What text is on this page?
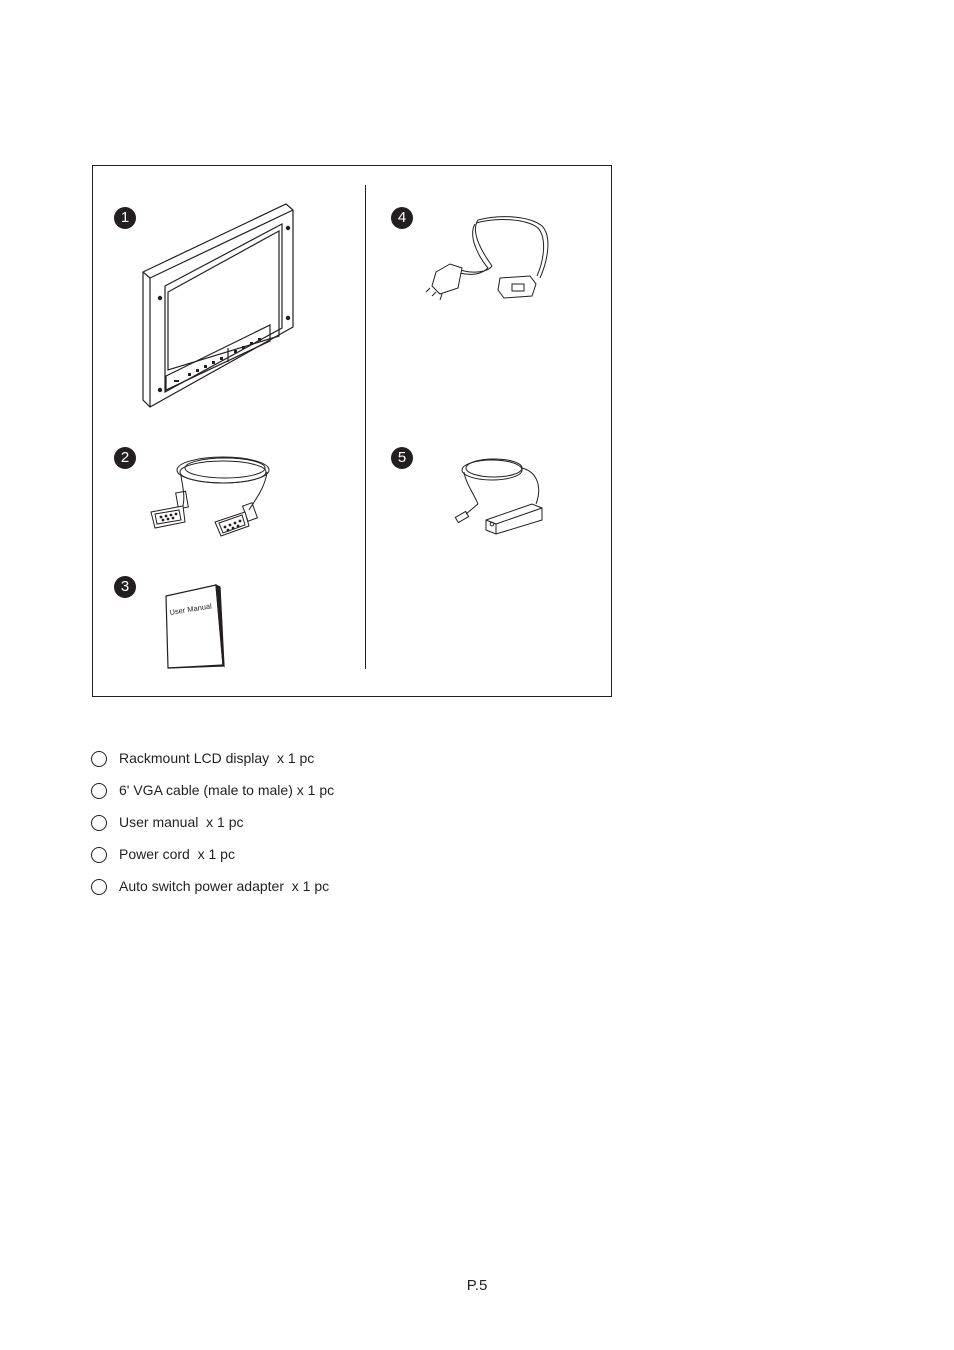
1
2
3
4
5
User Manual
Rackmount LCD display  x 1 pc
6' VGA cable (male to male) x 1 pc
User manual  x 1 pc
Power cord  x 1 pc
Auto switch power adapter  x 1 pc
P.5
